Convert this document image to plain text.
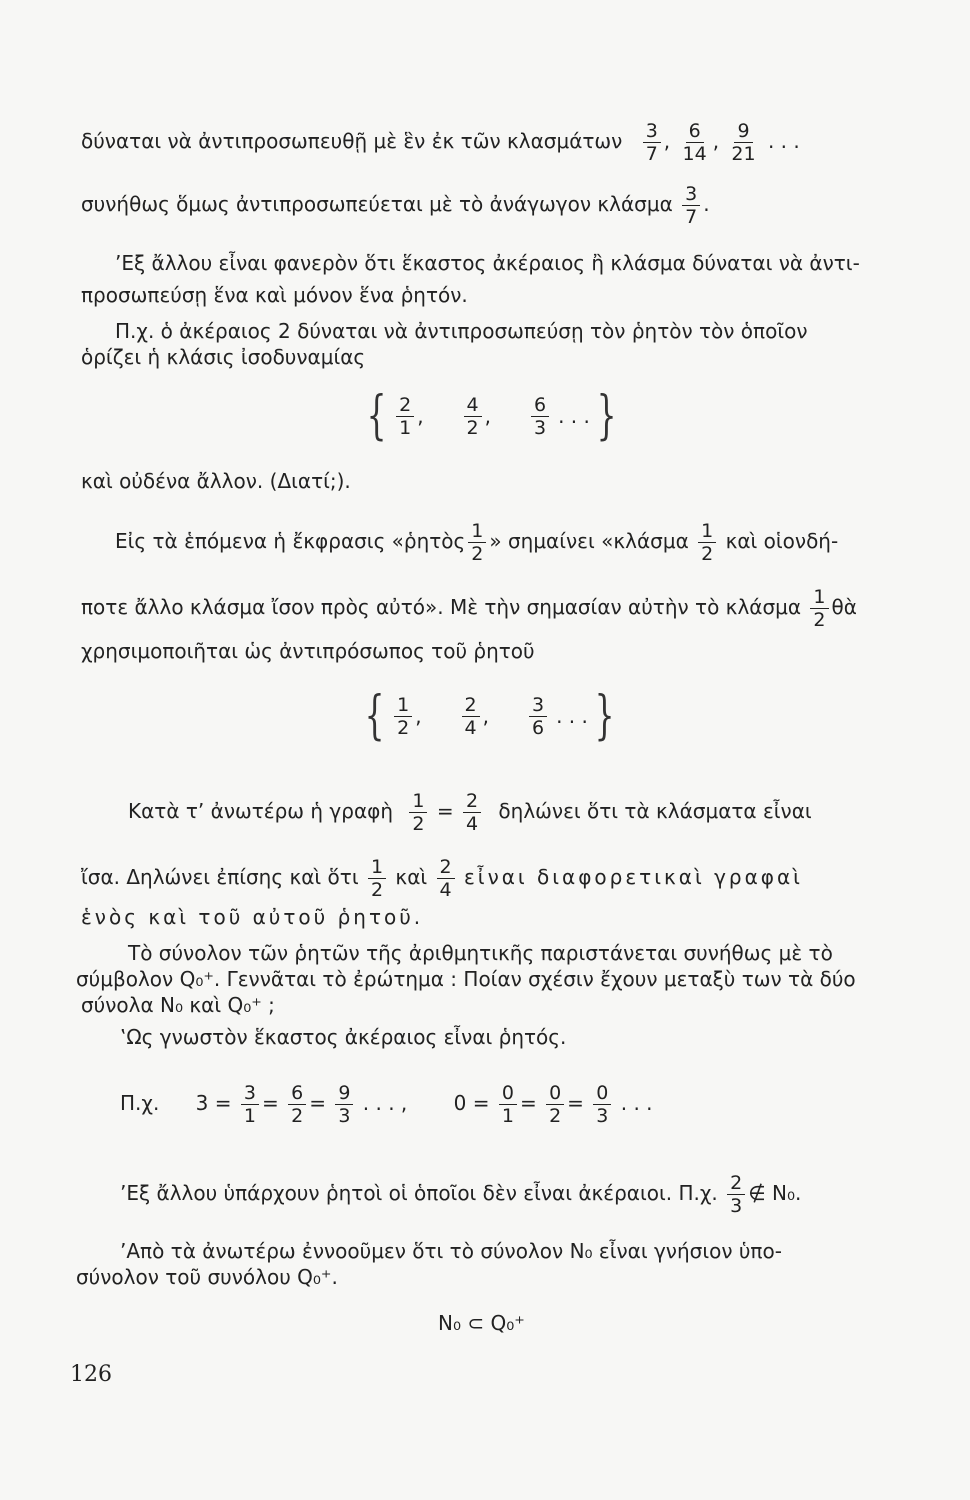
δύναται νὰ ἀντιπροσωπευθῇ μὲ ἓν ἐκ τῶν κλασμάτων $\frac{3}{7}$ , $\frac{6}{14}$ , $\frac{9}{21}$ . . .
συνήθως ὅμως ἀντιπροσωπεύεται μὲ τὸ ἀνάγωγον κλάσμα $\frac{3}{7}$ .
’Εξ ἄλλου εἶναι φανερὸν ὅτι ἕκαστος ἀκέραιος ἢ κλάσμα δύναται νὰ ἀντι-
προσωπεύσῃ ἕνα καὶ μόνον ἕνα ῥητόν.
Π.χ. ὁ ἀκέραιος 2 δύναται νὰ ἀντιπροσωπεύσῃ τὸν ῥητὸν τὸν ὁποῖον
ὁρίζει ἡ κλάσις ἰσοδυναμίας
{ $\frac{2}{1}$ , $\frac{4}{2}$ , $\frac{6}{3}$ . . . }
καὶ οὐδένα ἄλλον. (Διατί;).
Εἰς τὰ ἑπόμενα ἡ ἔκφρασις «ῥητὸς $\frac{1}{2}$ » σημαίνει «$\kappa\lambda ά\sigma\mu\alpha \frac{1}{2}$ καὶ οἱονδή-
ποτε ἄλλο κλάσμα ἴσον πρὸς αὐτό». Μὲ τὴν σημασίαν αὐτὴν τὸ κλάσμα $\frac{1}{2}$ θὰ
χρησιμοποιῆται ὡς ἀντιπρόσωπος τοῦ ῥητοῦ
{ $\frac{1}{2}$ , $\frac{2}{4}$ , $\frac{3}{6}$ . . . }
Κατὰ τ’ ἀνωτέρω ἡ γραφὴ $\frac{1}{2} = \frac{2}{4}$ δηλώνει ὅτι τὰ κλάσματα εἶναι
ἴσα. Δηλώνει ἐπίσης καὶ ὅτι $\frac{1}{2}$ καὶ $\frac{2}{4}$ εἶναι διαφορετικαὶ γραφαὶ
ἑνὸς καὶ τοῦ αὐτοῦ ῥητοῦ.
Τὸ σύνολον τῶν ῥητῶν τῆς ἀριθμητικῆς παριστάνεται συνήθως μὲ τὸ
σύμβολον Q₀⁺. Γεννᾶται τὸ ἐρώτημα : Ποίαν σχέσιν ἔχουν μεταξὺ των τὰ δύο
σύνολα N₀ καὶ Q₀⁺ ;
‛Ως γνωστὸν ἕκαστος ἀκέραιος εἶναι ῥητός.
Π.χ. $3 = \frac{3}{1} = \frac{6}{2} = \frac{9}{3}$ . . . , $0 = \frac{0}{1} = \frac{0}{2} = \frac{0}{3}$ . . .
’Εξ ἄλλου ὑπάρχουν ῥητοὶ οἱ ὁποῖοι δὲν εἶναι ἀκέραιοι. Π.χ. $\frac{2}{3}$ ∉ N₀.
’Απὸ τὰ ἀνωτέρω ἐννοοῦμεν ὅτι τὸ σύνολον N₀ εἶναι γνήσιον ὑπο-
σύνολον τοῦ συνόλου Q₀⁺.
N₀ ⊂ Q₀⁺
126
